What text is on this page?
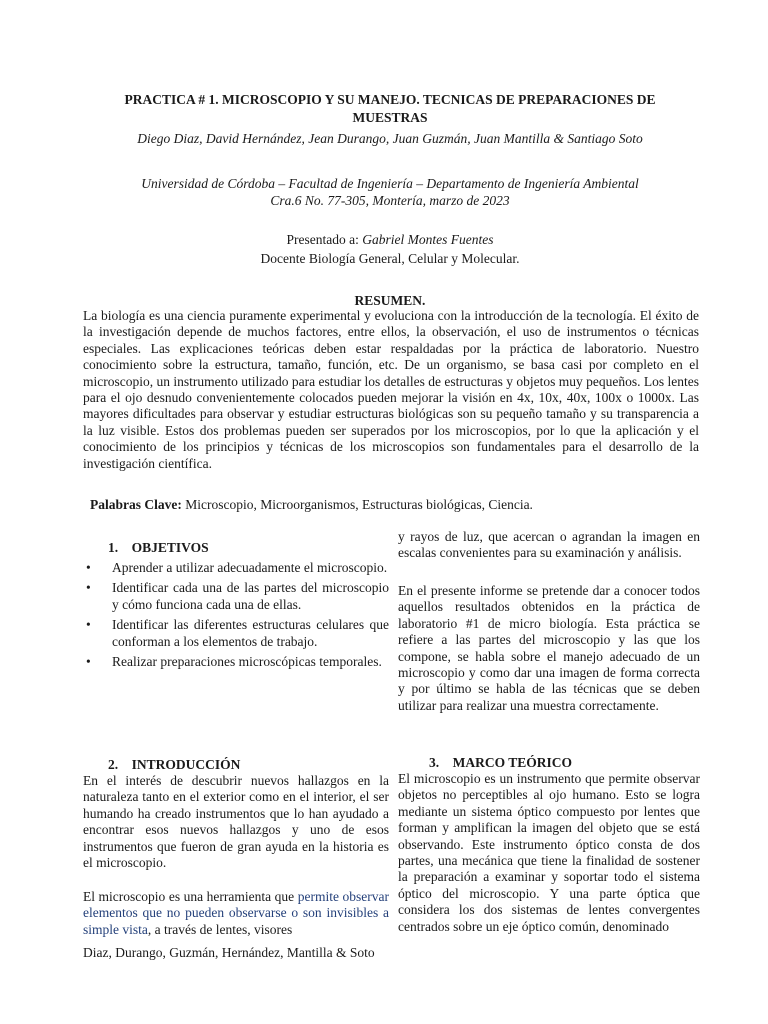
PRACTICA # 1. MICROSCOPIO Y SU MANEJO. TECNICAS DE PREPARACIONES DE
MUESTRAS
Diego Diaz, David Hernández, Jean Durango, Juan Guzmán, Juan Mantilla & Santiago Soto
Universidad de Córdoba – Facultad de Ingeniería – Departamento de Ingeniería Ambiental
Cra.6 No. 77-305, Montería, marzo de 2023
Presentado a: Gabriel Montes Fuentes
Docente Biología General, Celular y Molecular.
RESUMEN.
La biología es una ciencia puramente experimental y evoluciona con la introducción de la tecnología. El éxito de la investigación depende de muchos factores, entre ellos, la observación, el uso de instrumentos o técnicas especiales. Las explicaciones teóricas deben estar respaldadas por la práctica de laboratorio. Nuestro conocimiento sobre la estructura, tamaño, función, etc. De un organismo, se basa casi por completo en el microscopio, un instrumento utilizado para estudiar los detalles de estructuras y objetos muy pequeños. Los lentes para el ojo desnudo convenientemente colocados pueden mejorar la visión en 4x, 10x, 40x, 100x o 1000x. Las mayores dificultades para observar y estudiar estructuras biológicas son su pequeño tamaño y su transparencia a la luz visible. Estos dos problemas pueden ser superados por los microscopios, por lo que la aplicación y el conocimiento de los principios y técnicas de los microscopios son fundamentales para el desarrollo de la investigación científica.
Palabras Clave: Microscopio, Microorganismos, Estructuras biológicas, Ciencia.
1.    OBJETIVOS
• Aprender a utilizar adecuadamente el microscopio.
• Identificar cada una de las partes del microscopio y cómo funciona cada una de ellas.
• Identificar las diferentes estructuras celulares que conforman a los elementos de trabajo.
• Realizar preparaciones microscópicas temporales.
2.    INTRODUCCIÓN
En el interés de descubrir nuevos hallazgos en la naturaleza tanto en el exterior como en el interior, el ser humando ha creado instrumentos que lo han ayudado a encontrar esos nuevos hallazgos y uno de esos instrumentos que fueron de gran ayuda en la historia es el microscopio.
El microscopio es una herramienta que permite observar elementos que no pueden observarse o son invisibles a simple vista, a través de lentes, visores
Diaz, Durango, Guzmán, Hernández, Mantilla & Soto
y rayos de luz, que acercan o agrandan la imagen en escalas convenientes para su examinación y análisis.
En el presente informe se pretende dar a conocer todos aquellos resultados obtenidos en la práctica de laboratorio #1 de micro biología. Esta práctica se refiere a las partes del microscopio y las que los compone, se habla sobre el manejo adecuado de un microscopio y como dar una imagen de forma correcta y por último se habla de las técnicas que se deben utilizar para realizar una muestra correctamente.
3.    MARCO TEÓRICO
El microscopio es un instrumento que permite observar objetos no perceptibles al ojo humano. Esto se logra mediante un sistema óptico compuesto por lentes que forman y amplifican la imagen del objeto que se está observando. Este instrumento óptico consta de dos partes, una mecánica que tiene la finalidad de sostener la preparación a examinar y soportar todo el sistema óptico del microscopio. Y una parte óptica que considera los dos sistemas de lentes convergentes centrados sobre un eje óptico común, denominado
